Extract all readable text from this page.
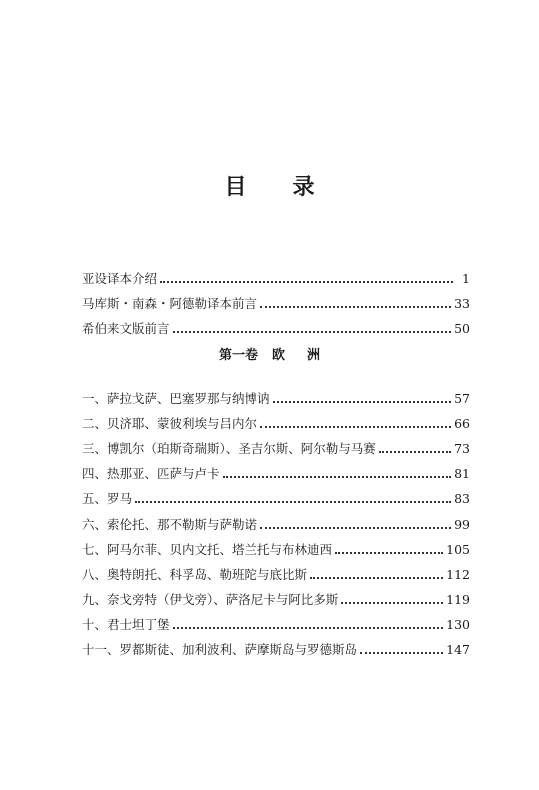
目录
亚设译本介绍	1
马库斯・南森・阿德勒译本前言	33
希伯来文版前言	50
第一卷 欧洲
一、萨拉戈萨、巴塞罗那与纳博讷	57
二、贝济耶、蒙彼利埃与吕内尔	66
三、博凯尔（珀斯奇瑞斯）、圣吉尔斯、阿尔勒与马赛	73
四、热那亚、匹萨与卢卡	81
五、罗马	83
六、索伦托、那不勒斯与萨勒诺	99
七、阿马尔菲、贝内文托、塔兰托与布林迪西	105
八、奥特朗托、科孚岛、勒班陀与底比斯	112
九、奈戈旁特（伊戈旁）、萨洛尼卡与阿比多斯	119
十、君士坦丁堡	130
十一、罗都斯徒、加利波利、萨摩斯岛与罗德斯岛	147
